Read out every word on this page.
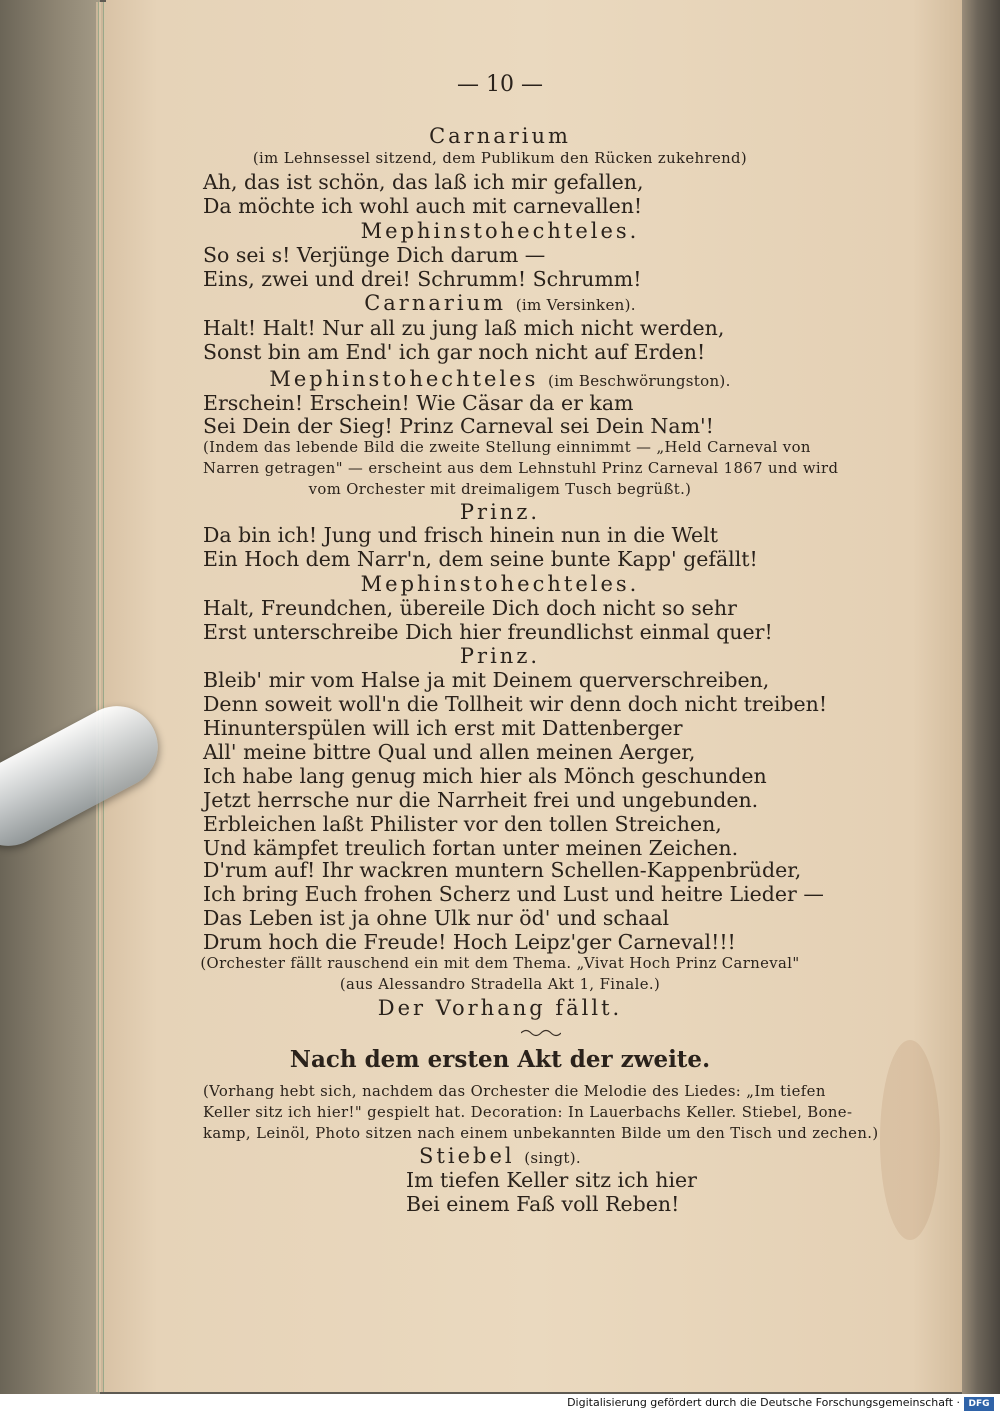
— 10 —
Carnarium
(im Lehnsessel sitzend, dem Publikum den Rücken zukehrend)
Ah, das ist schön, das laß ich mir gefallen,
Da möchte ich wohl auch mit carnevallen!
Mephinstohechteles.
So sei s! Verjünge Dich darum —
Eins, zwei und drei! Schrumm! Schrumm!
Carnarium (im Versinken).
Halt! Halt! Nur all zu jung laß mich nicht werden,
Sonst bin am End' ich gar noch nicht auf Erden!
Mephinstohechteles (im Beschwörungston).
Erschein! Erschein! Wie Cäsar da er kam
Sei Dein der Sieg! Prinz Carneval sei Dein Nam'!
(Indem das lebende Bild die zweite Stellung einnimmt — „Held Carneval von
Narren getragen" — erscheint aus dem Lehnstuhl Prinz Carneval 1867 und wird
vom Orchester mit dreimaligem Tusch begrüßt.)
Prinz.
Da bin ich! Jung und frisch hinein nun in die Welt
Ein Hoch dem Narr'n, dem seine bunte Kapp' gefällt!
Mephinstohechteles.
Halt, Freundchen, übereile Dich doch nicht so sehr
Erst unterschreibe Dich hier freundlichst einmal quer!
Prinz.
Bleib' mir vom Halse ja mit Deinem querverschreiben,
Denn soweit woll'n die Tollheit wir denn doch nicht treiben!
Hinunterspülen will ich erst mit Dattenberger
All' meine bittre Qual und allen meinen Aerger,
Ich habe lang genug mich hier als Mönch geschunden
Jetzt herrsche nur die Narrheit frei und ungebunden.
Erbleichen laßt Philister vor den tollen Streichen,
Und kämpfet treulich fortan unter meinen Zeichen.
D'rum auf! Ihr wackren muntern Schellen-Kappenbrüder,
Ich bring Euch frohen Scherz und Lust und heitre Lieder —
Das Leben ist ja ohne Ulk nur öd' und schaal
Drum hoch die Freude! Hoch Leipz'ger Carneval!!!
(Orchester fällt rauschend ein mit dem Thema. „Vivat Hoch Prinz Carneval"
(aus Alessandro Stradella Akt 1, Finale.)
Der Vorhang fällt.
Nach dem ersten Akt der zweite.
(Vorhang hebt sich, nachdem das Orchester die Melodie des Liedes: „Im tiefen
Keller sitz ich hier!" gespielt hat. Decoration: In Lauerbachs Keller. Stiebel, Bone-
kamp, Leinöl, Photo sitzen nach einem unbekannten Bilde um den Tisch und zechen.)
Stiebel (singt).
Im tiefen Keller sitz ich hier
Bei einem Faß voll Reben!
Digitalisierung gefördert durch die Deutsche Forschungsgemeinschaft · DFG
